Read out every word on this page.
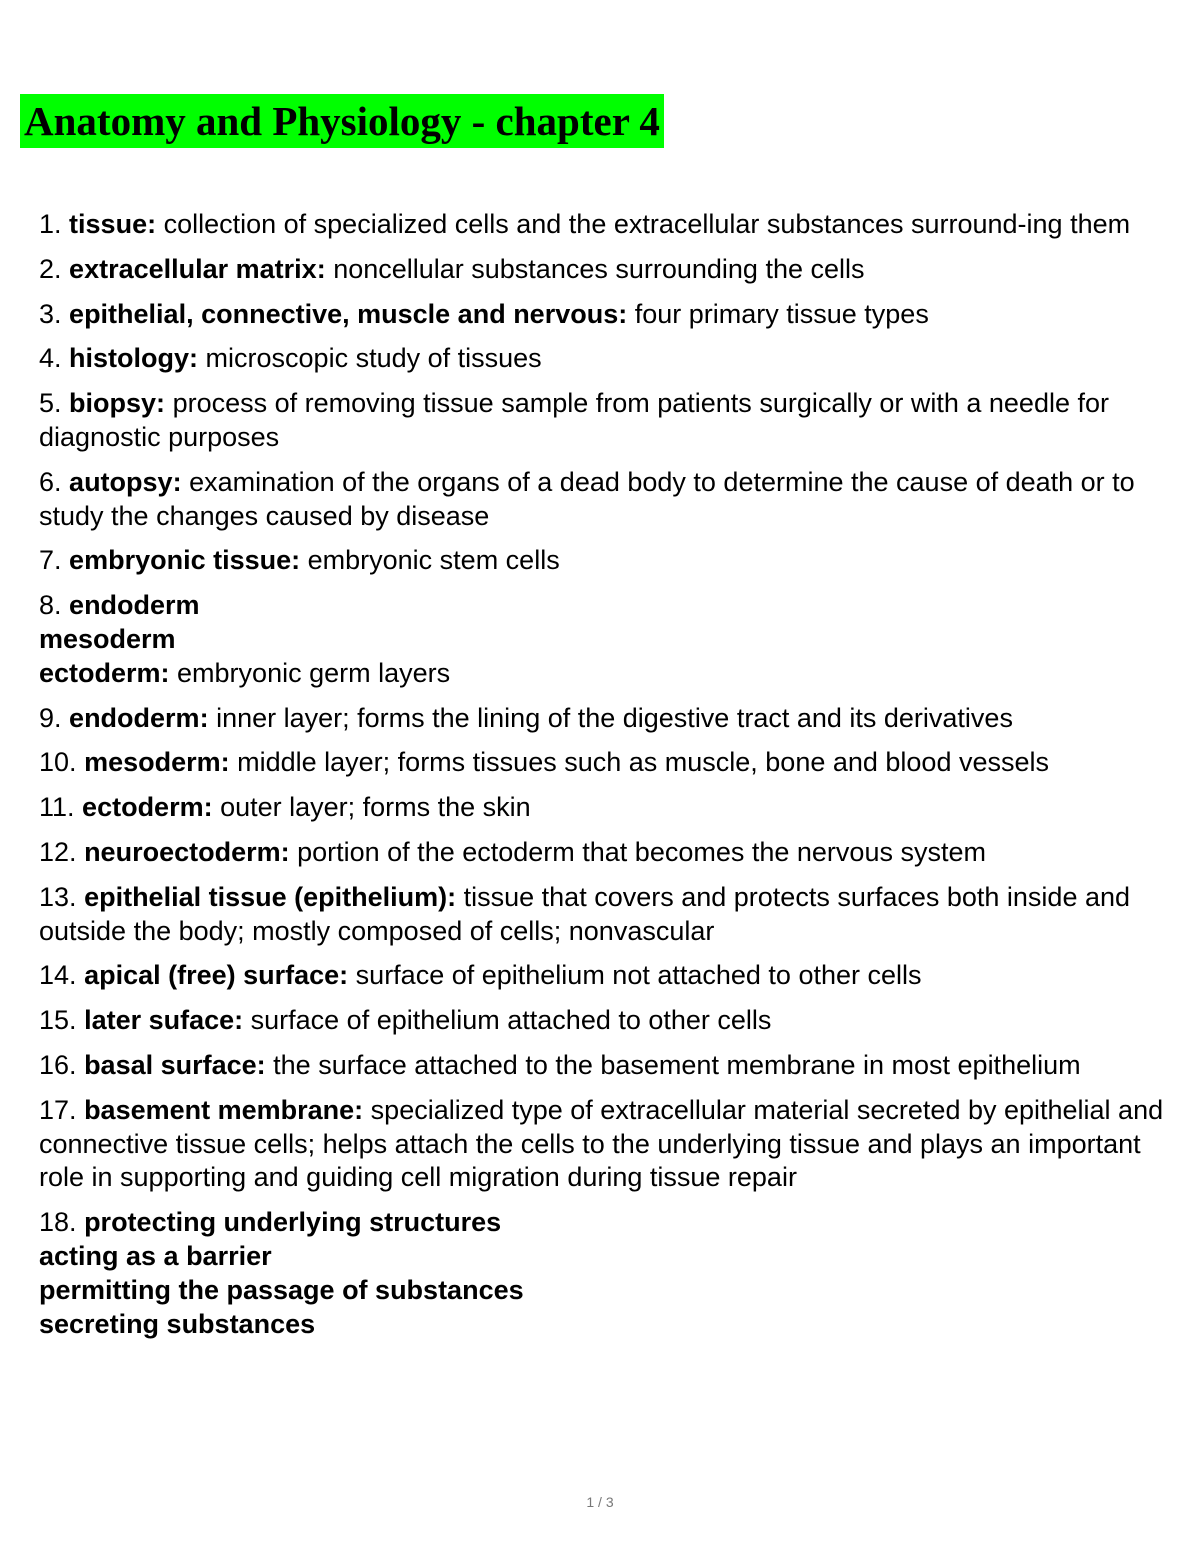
Anatomy and Physiology - chapter 4
1. tissue: collection of specialized cells and the extracellular substances surround-ing them
2. extracellular matrix: noncellular substances surrounding the cells
3. epithelial, connective, muscle and nervous: four primary tissue types
4. histology: microscopic study of tissues
5. biopsy: process of removing tissue sample from patients surgically or with a needle for diagnostic purposes
6. autopsy: examination of the organs of a dead body to determine the cause of death or to study the changes caused by disease
7. embryonic tissue: embryonic stem cells
8. endoderm
mesoderm
ectoderm: embryonic germ layers
9. endoderm: inner layer; forms the lining of the digestive tract and its derivatives
10. mesoderm: middle layer; forms tissues such as muscle, bone and blood vessels
11. ectoderm: outer layer; forms the skin
12. neuroectoderm: portion of the ectoderm that becomes the nervous system
13. epithelial tissue (epithelium): tissue that covers and protects surfaces both inside and outside the body; mostly composed of cells; nonvascular
14. apical (free) surface: surface of epithelium not attached to other cells
15. later suface: surface of epithelium attached to other cells
16. basal surface: the surface attached to the basement membrane in most epithelium
17. basement membrane: specialized type of extracellular material secreted by epithelial and connective tissue cells; helps attach the cells to the underlying tissue and plays an important role in supporting and guiding cell migration during tissue repair
18. protecting underlying structures
acting as a barrier
permitting the passage of substances
secreting substances
1 / 3
